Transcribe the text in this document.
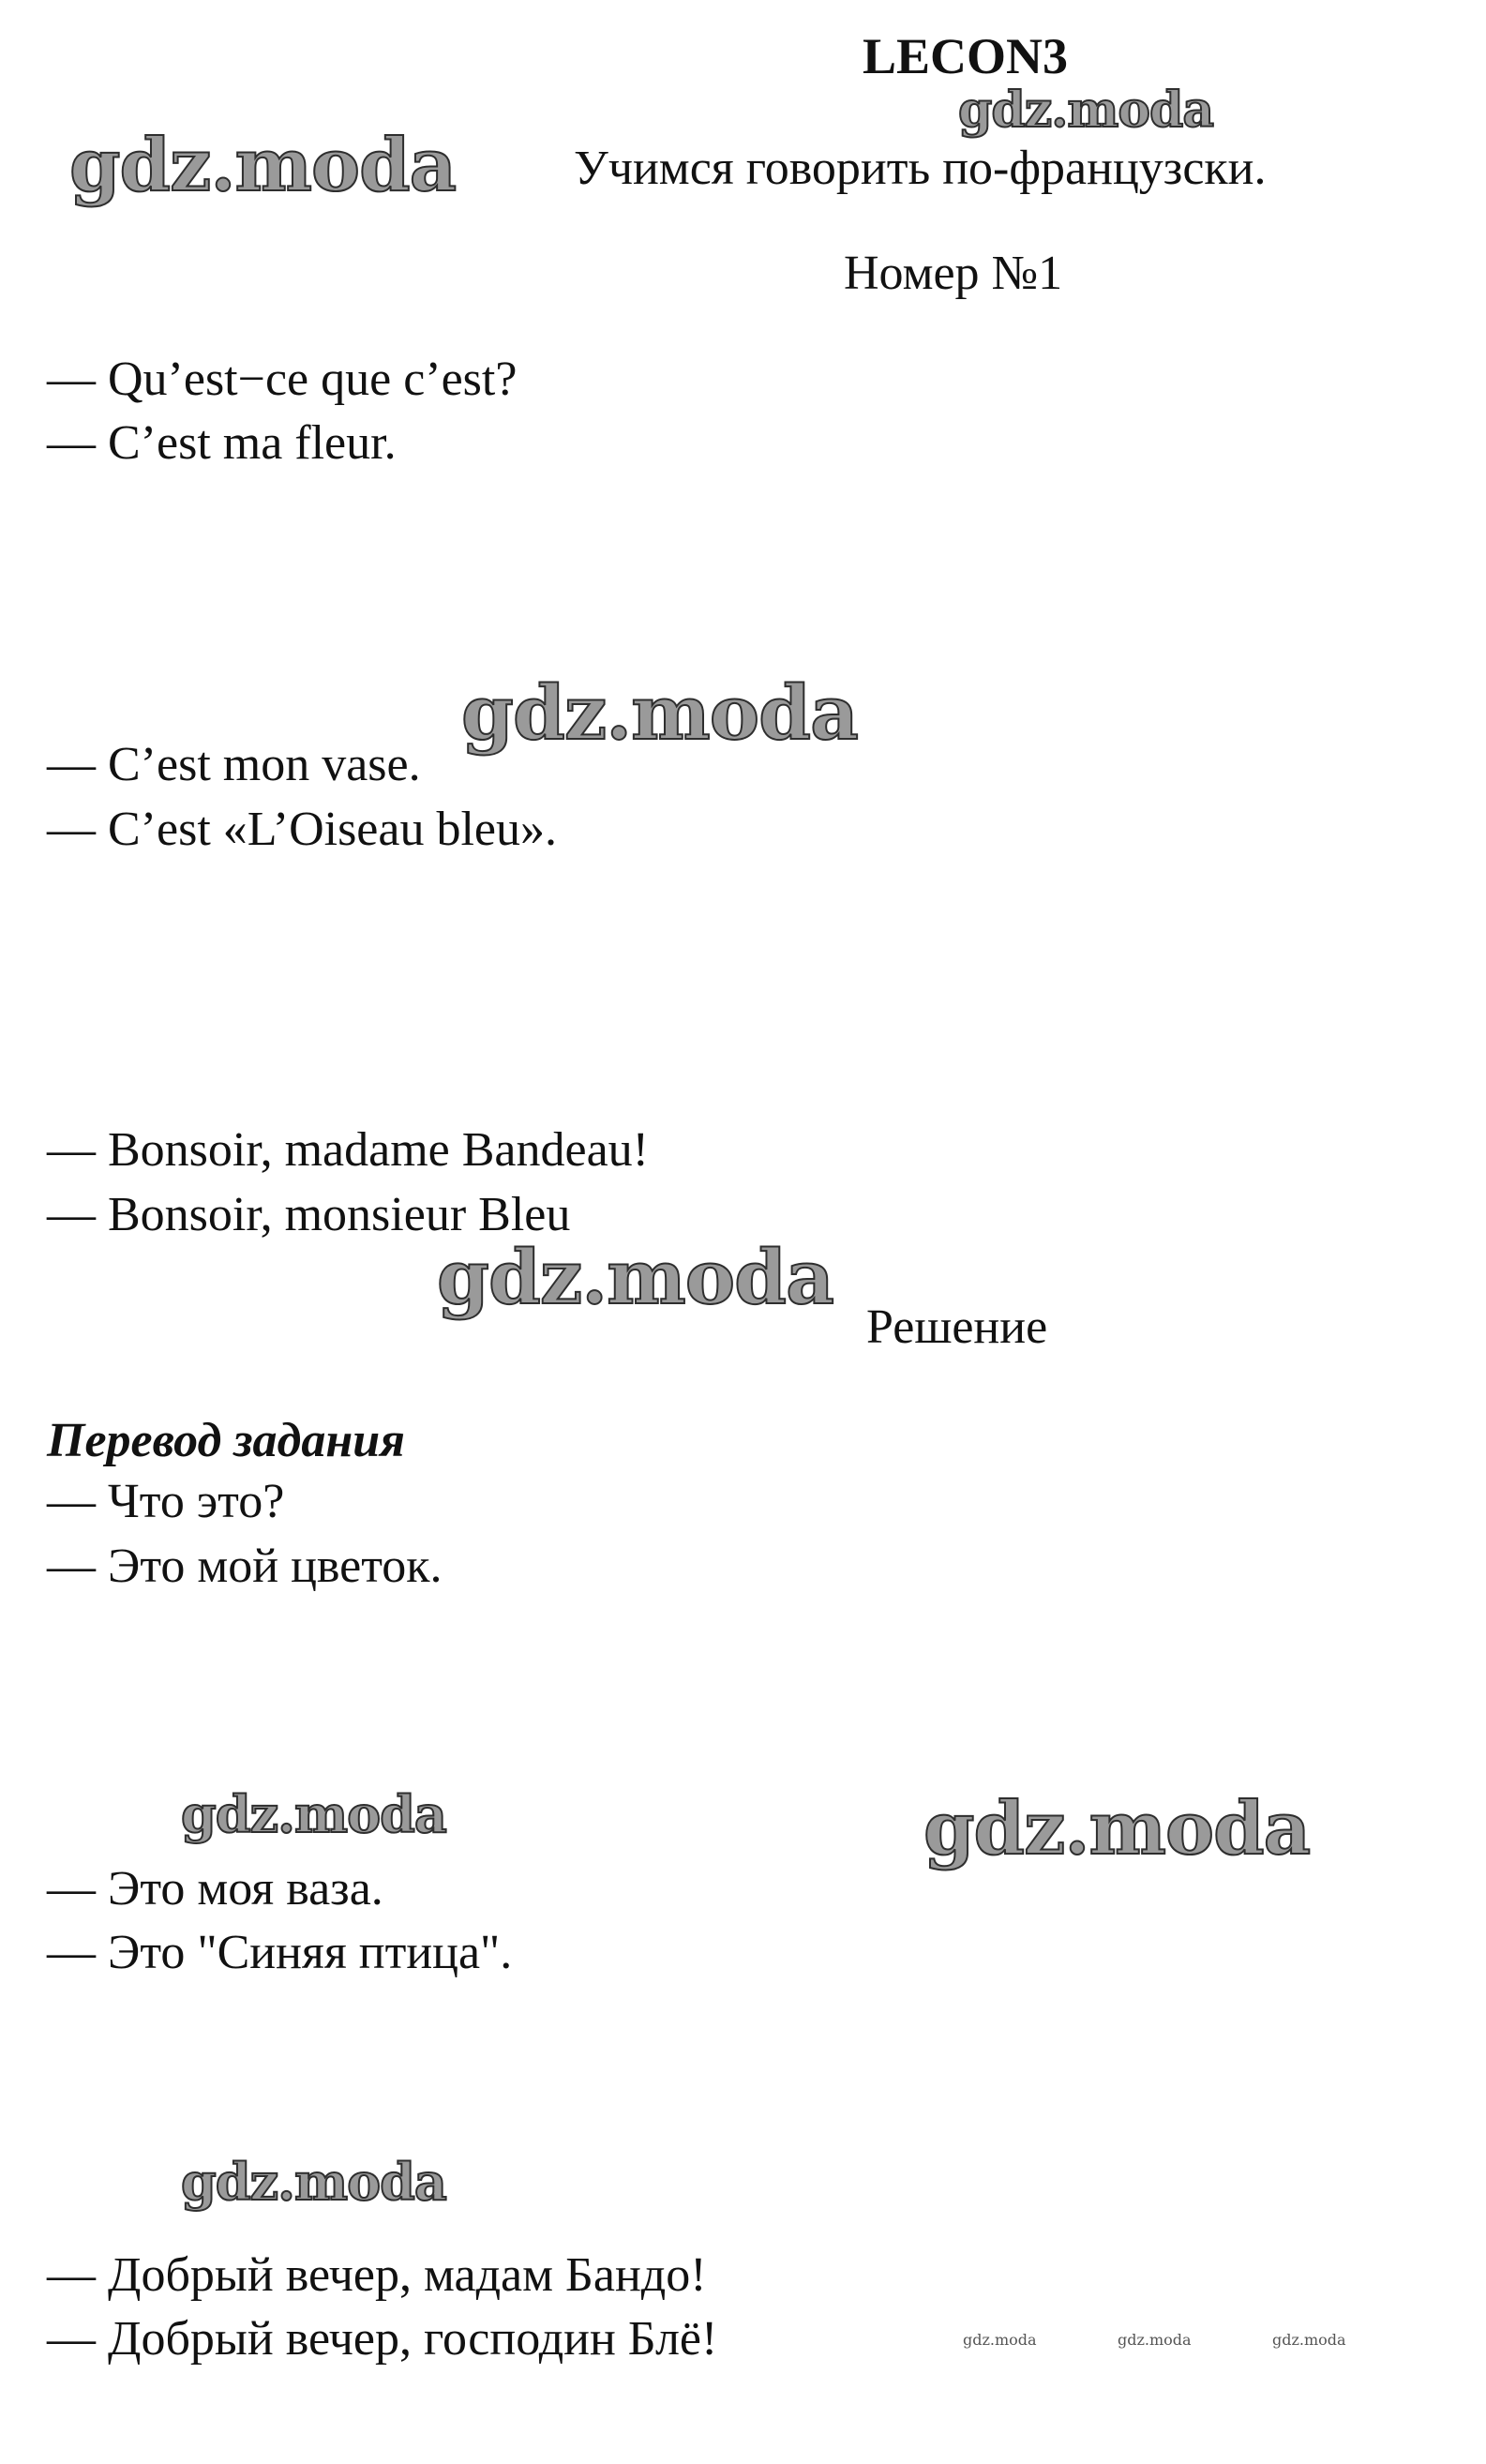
LECON3
Учимся говорить по-французски.
Номер №1
— Qu’est−ce que c’est?
— C’est ma fleur.
— C’est mon vase.
— C’est «L’Oiseau bleu».
— Bonsoir, madame Bandeau!
— Bonsoir, monsieur Bleu
Решение
Перевод задания
— Что это?
— Это мой цветок.
— Это моя ваза.
— Это "Синяя птица".
— Добрый вечер, мадам Бандо!
— Добрый вечер, господин Блё!
gdz.moda
gdz.moda
gdz.moda
gdz.moda
gdz.moda	gdz.moda
gdz.moda
gdz.moda	gdz.moda	gdz.moda
